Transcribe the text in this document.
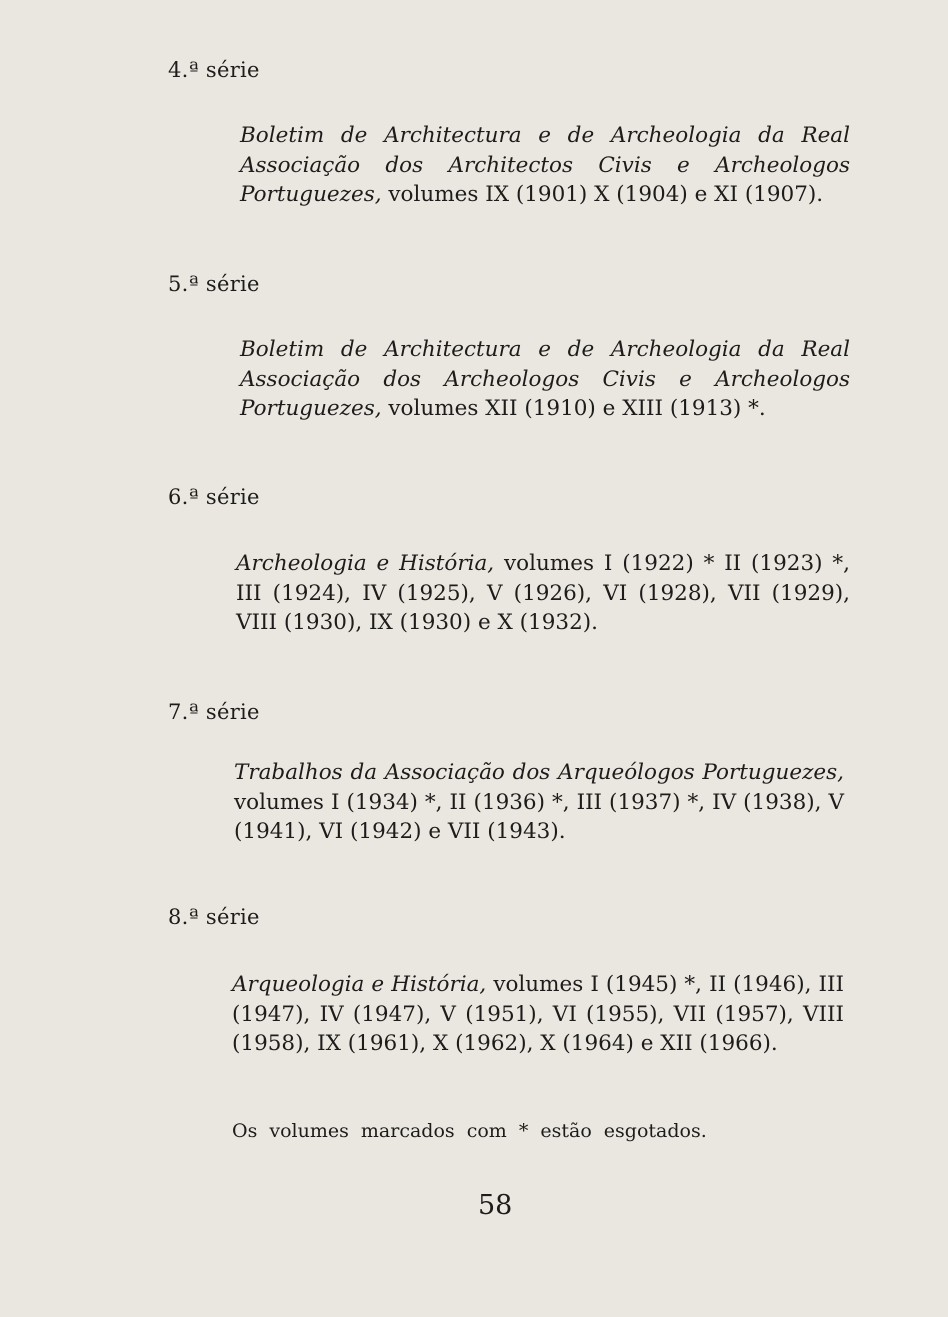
4.ª série
Boletim de Architectura e de Archeologia da Real Associação dos Architectos Civis e Archeologos Portuguezes, volumes IX (1901) X (1904) e XI (1907).
5.ª série
Boletim de Architectura e de Archeologia da Real Associação dos Archeologos Civis e Archeologos Portuguezes, volumes XII (1910) e XIII (1913) *.
6.ª série
Archeologia e História, volumes I (1922) * II (1923) *, III (1924), IV (1925), V (1926), VI (1928), VII (1929), VIII (1930), IX (1930) e X (1932).
7.ª série
Trabalhos da Associação dos Arqueólogos Portuguezes, volumes I (1934) *, II (1936) *, III (1937) *, IV (1938), V (1941), VI (1942) e VII (1943).
8.ª série
Arqueologia e História, volumes I (1945) *, II (1946), III (1947), IV (1947), V (1951), VI (1955), VII (1957), VIII (1958), IX (1961), X (1962), X (1964) e XII (1966).
Os volumes marcados com * estão esgotados.
58
